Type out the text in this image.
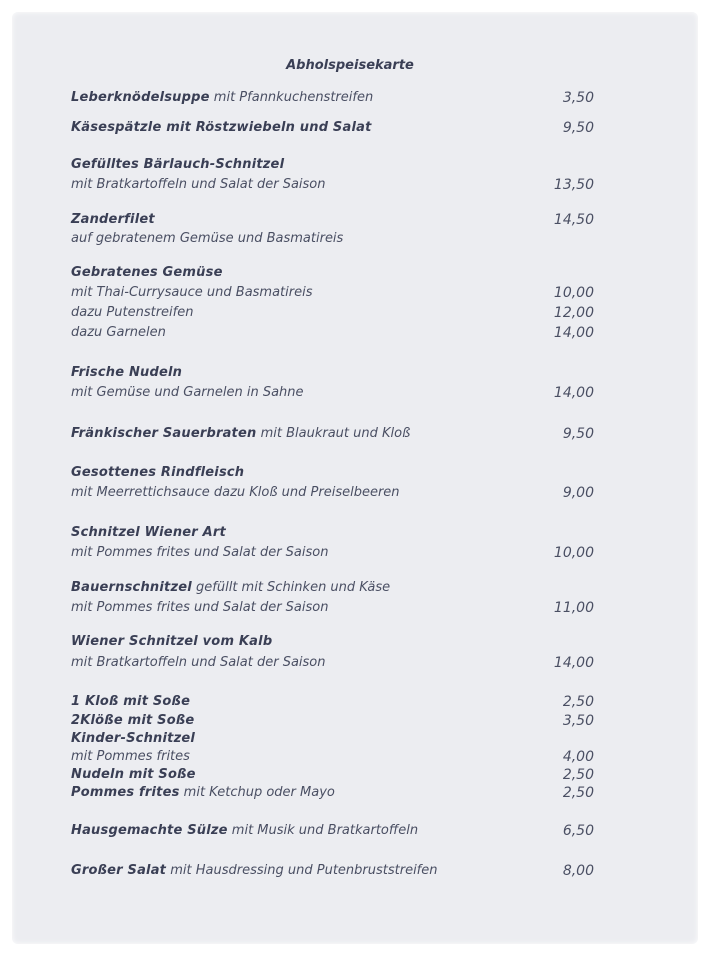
Abholspeisekarte
Leberknödelsuppe mit Pfannkuchenstreifen	3,50
Käsespätzle mit Röstzwiebeln und Salat	9,50
Gefülltes Bärlauch-Schnitzel
mit Bratkartoffeln und Salat der Saison	13,50
Zanderfilet	14,50
auf gebratenem Gemüse und Basmatireis
Gebratenes Gemüse
mit Thai-Currysauce und Basmatireis	10,00
dazu Putenstreifen	12,00
dazu Garnelen	14,00
Frische Nudeln
mit Gemüse und Garnelen in Sahne	14,00
Fränkischer Sauerbraten mit Blaukraut und Kloß	9,50
Gesottenes Rindfleisch
mit Meerrettichsauce dazu Kloß und Preiselbeeren	9,00
Schnitzel Wiener Art
mit Pommes frites und Salat der Saison	10,00
Bauernschnitzel gefüllt mit Schinken und Käse
mit Pommes frites und Salat der Saison	11,00
Wiener Schnitzel vom Kalb
mit Bratkartoffeln und Salat der Saison	14,00
1 Kloß mit Soße	2,50
2Klöße mit Soße	3,50
Kinder-Schnitzel
mit Pommes frites	4,00
Nudeln mit Soße	2,50
Pommes frites mit Ketchup oder Mayo	2,50
Hausgemachte Sülze mit Musik und Bratkartoffeln	6,50
Großer Salat mit Hausdressing und Putenbruststreifen	8,00
